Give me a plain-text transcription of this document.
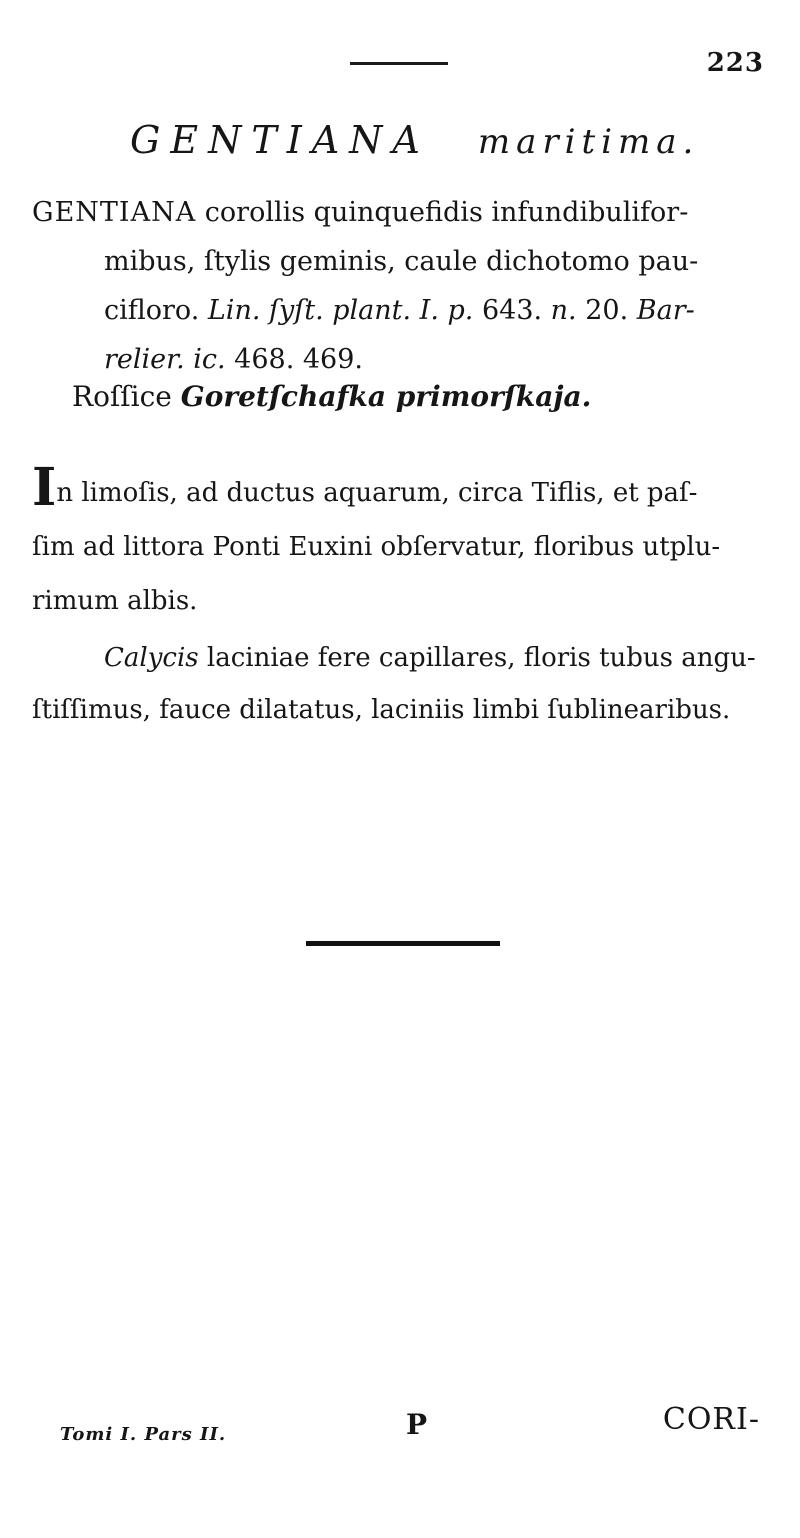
223
GENTIANA maritima.
GENTIANA corollis quinquefidis infundibulifor-
mibus, ſtylis geminis, caule dichotomo pau-
cifloro. Lin. ſyſt. plant. I. p. 643. n. 20. Bar-
relier. ic. 468. 469.
Roſſice Goretſchafka primorſkaja.
In limoſis, ad ductus aquarum, circa Tiflis, et paſ-
ſim ad littora Ponti Euxini obſervatur, floribus utplu-
rimum albis.
Calycis laciniae fere capillares, floris tubus angu-
ſtiſſimus, fauce dilatatus, laciniis limbi ſublinearibus.
Tomi I. Pars II.	P	CORI-
